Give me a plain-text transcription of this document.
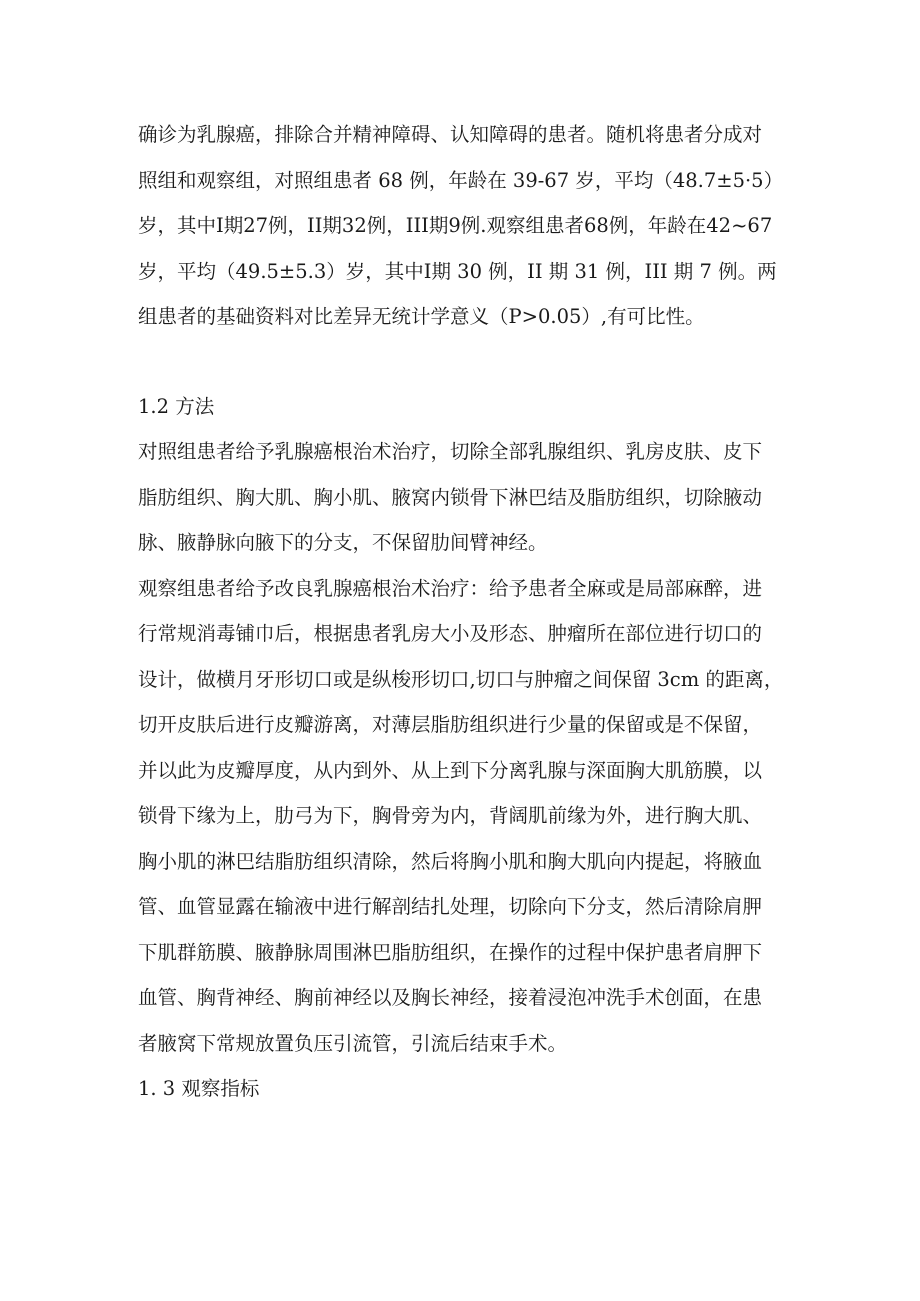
确诊为乳腺癌，排除合并精神障碍、认知障碍的患者。随机将患者分成对
照组和观察组，对照组患者 68 例，年龄在 39-67 岁，平均（48.7±5·5）
岁，其中Ⅰ期27例，II期32例，III期9例.观察组患者68例，年龄在42~67
岁，平均（49.5±5.3）岁，其中Ⅰ期 30 例，II 期 31 例，III 期 7 例。两
组患者的基础资料对比差异无统计学意义（P>0.05）,有可比性。

1.2 方法

对照组患者给予乳腺癌根治术治疗，切除全部乳腺组织、乳房皮肤、皮下
脂肪组织、胸大肌、胸小肌、腋窝内锁骨下淋巴结及脂肪组织，切除腋动
脉、腋静脉向腋下的分支，不保留肋间臂神经。

观察组患者给予改良乳腺癌根治术治疗：给予患者全麻或是局部麻醉，进
行常规消毒铺巾后，根据患者乳房大小及形态、肿瘤所在部位进行切口的
设计，做横月牙形切口或是纵梭形切口,切口与肿瘤之间保留 3cm 的距离，
切开皮肤后进行皮瓣游离，对薄层脂肪组织进行少量的保留或是不保留，
并以此为皮瓣厚度，从内到外、从上到下分离乳腺与深面胸大肌筋膜，以
锁骨下缘为上，肋弓为下，胸骨旁为内，背阔肌前缘为外，进行胸大肌、
胸小肌的淋巴结脂肪组织清除，然后将胸小肌和胸大肌向内提起，将腋血
管、血管显露在输液中进行解剖结扎处理，切除向下分支，然后清除肩胛
下肌群筋膜、腋静脉周围淋巴脂肪组织，在操作的过程中保护患者肩胛下
血管、胸背神经、胸前神经以及胸长神经，接着浸泡冲洗手术创面，在患
者腋窝下常规放置负压引流管，引流后结束手术。

1. 3 观察指标
